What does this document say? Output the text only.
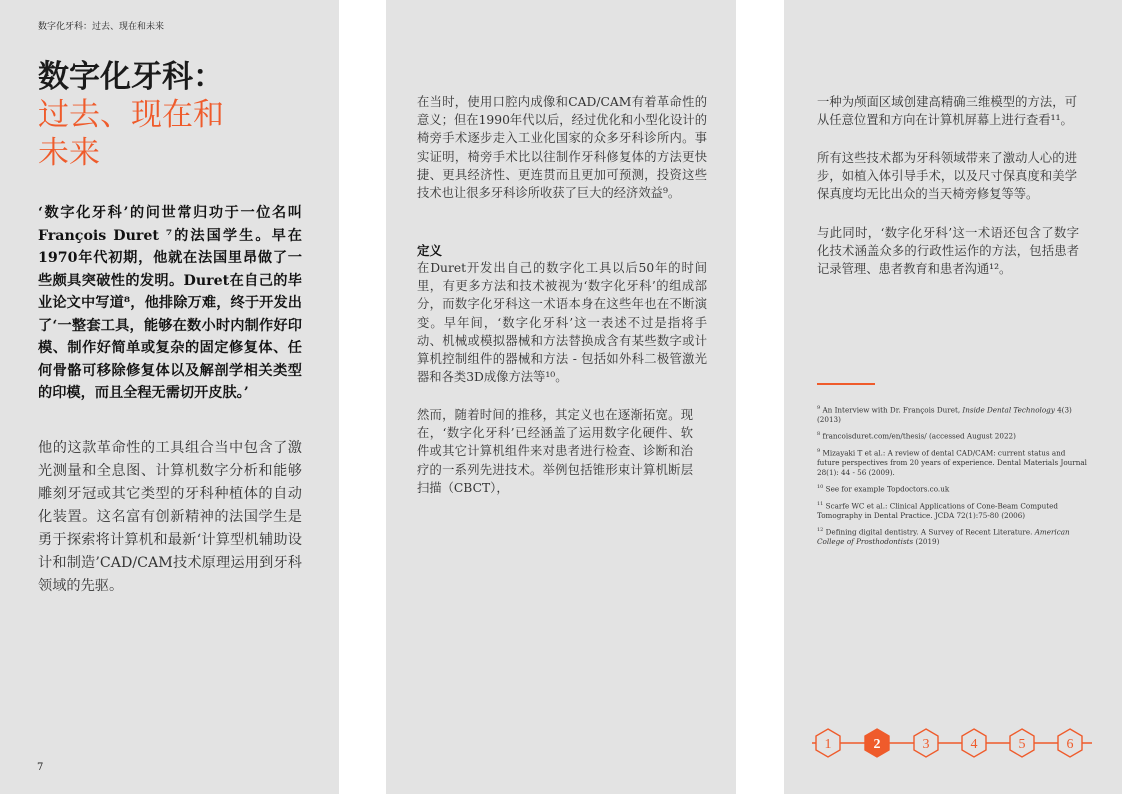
数字化牙科：过去、现在和未来
数字化牙科：
过去、现在和
未来
‘数字化牙科’的问世常归功于一位名叫François Duret ⁷的法国学生。早在1970年代初期，他就在法国里昂做了一些颇具突破性的发明。Duret在自己的毕业论文中写道⁸，他排除万难，终于开发出了‘一整套工具，能够在数小时内制作好印模、制作好简单或复杂的固定修复体、任何骨骼可移除修复体以及解剖学相关类型的印模，而且全程无需切开皮肤。’
他的这款革命性的工具组合当中包含了激光测量和全息图、计算机数字分析和能够雕刻牙冠或其它类型的牙科种植体的自动化装置。这名富有创新精神的法国学生是勇于探索将计算机和最新‘计算型机辅助设计和制造’CAD/CAM技术原理运用到牙科领域的先驱。
7
在当时，使用口腔内成像和CAD/CAM有着革命性的意义；但在1990年代以后，经过优化和小型化设计的椅旁手术逐步走入工业化国家的众多牙科诊所内。事实证明，椅旁手术比以往制作牙科修复体的方法更快捷、更具经济性、更连贯而且更加可预测，投资这些技术也让很多牙科诊所收获了巨大的经济效益⁹。
定义
在Duret开发出自己的数字化工具以后50年的时间里，有更多方法和技术被视为‘数字化牙科’的组成部分，而数字化牙科这一术语本身在这些年也在不断演变。早年间，‘数字化牙科’这一表述不过是指将手动、机械或模拟器械和方法替换成含有某些数字或计算机控制组件的器械和方法 - 包括如外科二极管激光器和各类3D成像方法等¹⁰。
然而，随着时间的推移，其定义也在逐渐拓宽。现在，‘数字化牙科’已经涵盖了运用数字化硬件、软件或其它计算机组件来对患者进行检查、诊断和治疗的一系列先进技术。举例包括锥形束计算机断层扫描（CBCT），
一种为颅面区域创建高精确三维模型的方法，可从任意位置和方向在计算机屏幕上进行查看¹¹。
所有这些技术都为牙科领域带来了激动人心的进步，如植入体引导手术，以及尺寸保真度和美学保真度均无比出众的当天椅旁修复等等。
与此同时，‘数字化牙科’这一术语还包含了数字化技术涵盖众多的行政性运作的方法，包括患者记录管理、患者教育和患者沟通¹²。
$^9$ An Interview with Dr. François Duret, Inside Dental Technology 4(3) (2013)
$^8$ francoisduret.com/en/thesis/ (accessed August 2022)
$^9$ Mizayaki T et al.: A review of dental CAD/CAM: current status and future perspectives from 20 years of experience. Dental Materials Journal 28(1): 44 - 56 (2009).
$^{10}$ See for example Topdoctors.co.uk
$^{11}$ Scarfe WC et al.: Clinical Applications of Cone-Beam Computed Tomography in Dental Practice. JCDA 72(1):75-80 (2006)
$^{12}$ Defining digital dentistry. A Survey of Recent Literature. American College of Prosthodontists (2019)
1	2	3	4	5	6
